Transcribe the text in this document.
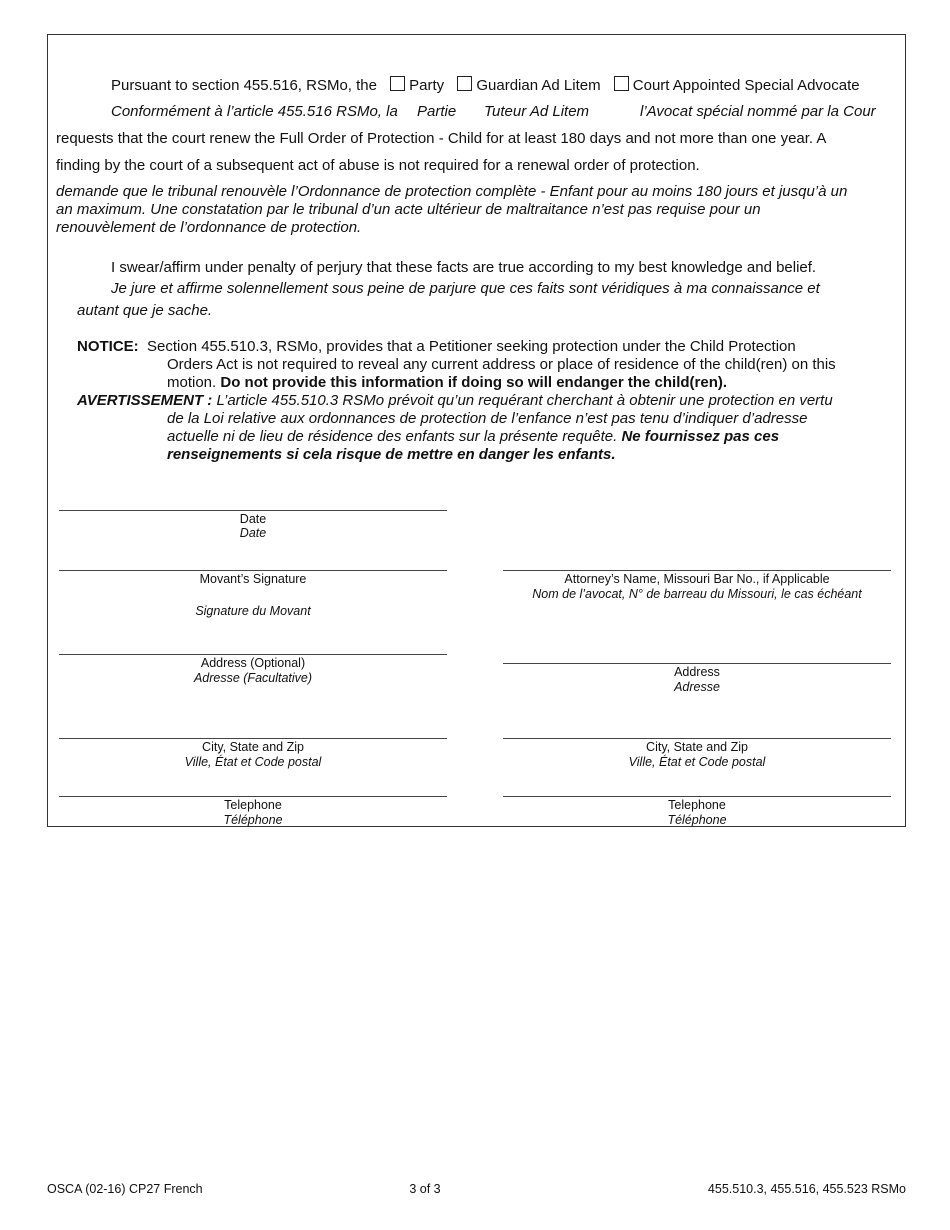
Pursuant to section 455.516, RSMo, the Party Guardian Ad Litem Court Appointed Special Advocate
Conformément à l’article 455.516 RSMo, la Partie Tuteur Ad Litem	l’Avocat spécial nommé par la Cour
requests that the court renew the Full Order of Protection - Child for at least 180 days and not more than one year. A
finding by the court of a subsequent act of abuse is not required for a renewal order of protection.
demande que le tribunal renouvèle l’Ordonnance de protection complète - Enfant pour au moins 180 jours et jusqu’à un
an maximum. Une constatation par le tribunal d’un acte ultérieur de maltraitance n’est pas requise pour un
renouvèlement de l’ordonnance de protection.
I swear/affirm under penalty of perjury that these facts are true according to my best knowledge and belief.
Je jure et affirme solennellement sous peine de parjure que ces faits sont véridiques à ma connaissance et
autant que je sache.
NOTICE: Section 455.510.3, RSMo, provides that a Petitioner seeking protection under the Child Protection
Orders Act is not required to reveal any current address or place of residence of the child(ren) on this
motion. Do not provide this information if doing so will endanger the child(ren).
AVERTISSEMENT : L’article 455.510.3 RSMo prévoit qu’un requérant cherchant à obtenir une protection en vertu
de la Loi relative aux ordonnances de protection de l’enfance n’est pas tenu d’indiquer d’adresse
actuelle ni de lieu de résidence des enfants sur la présente requête. Ne fournissez pas ces
renseignements si cela risque de mettre en danger les enfants.
Date
Date
Movant’s Signature
Signature du Movant
Address (Optional)
Adresse (Facultative)
City, State and Zip
Ville, État et Code postal
Telephone
Téléphone
Attorney’s Name, Missouri Bar No., if Applicable
Nom de l’avocat, N° de barreau du Missouri, le cas échéant
Address
Adresse
City, State and Zip
Ville, État et Code postal
Telephone
Téléphone
OSCA (02-16) CP27 French	3 of 3	455.510.3, 455.516, 455.523 RSMo
